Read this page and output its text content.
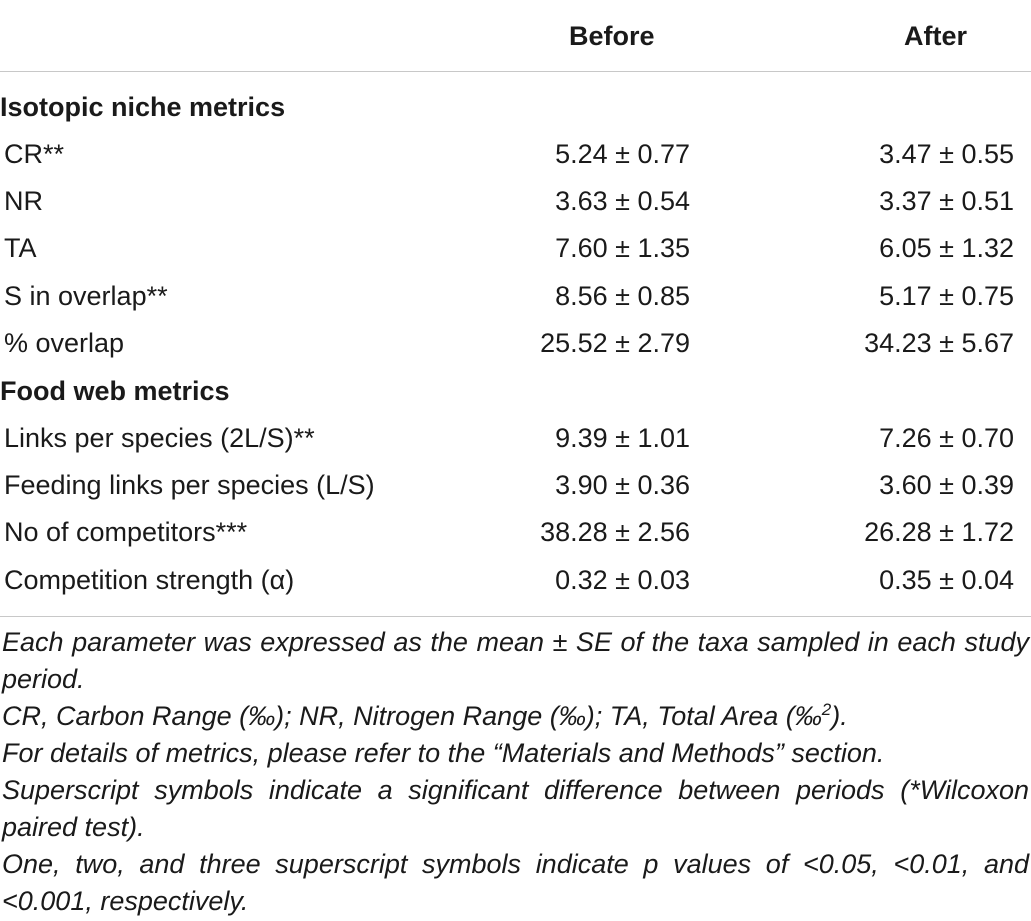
Before	After
Isotopic niche metrics
CR**	5.24 ± 0.77	3.47 ± 0.55
NR	3.63 ± 0.54	3.37 ± 0.51
TA	7.60 ± 1.35	6.05 ± 1.32
S in overlap**	8.56 ± 0.85	5.17 ± 0.75
% overlap	25.52 ± 2.79	34.23 ± 5.67
Food web metrics
Links per species (2L/S)**	9.39 ± 1.01	7.26 ± 0.70
Feeding links per species (L/S)	3.90 ± 0.36	3.60 ± 0.39
No of competitors***	38.28 ± 2.56	26.28 ± 1.72
Competition strength (α)	0.32 ± 0.03	0.35 ± 0.04

Each parameter was expressed as the mean ± SE of the taxa sampled in each study period.

CR, Carbon Range (‰); NR, Nitrogen Range (‰); TA, Total Area (‰$^2$).

For details of metrics, please refer to the “Materials and Methods” section.

Superscript symbols indicate a significant difference between periods (*Wilcoxon paired test).

One, two, and three superscript symbols indicate p values of <0.05, <0.01, and <0.001, respectively.
